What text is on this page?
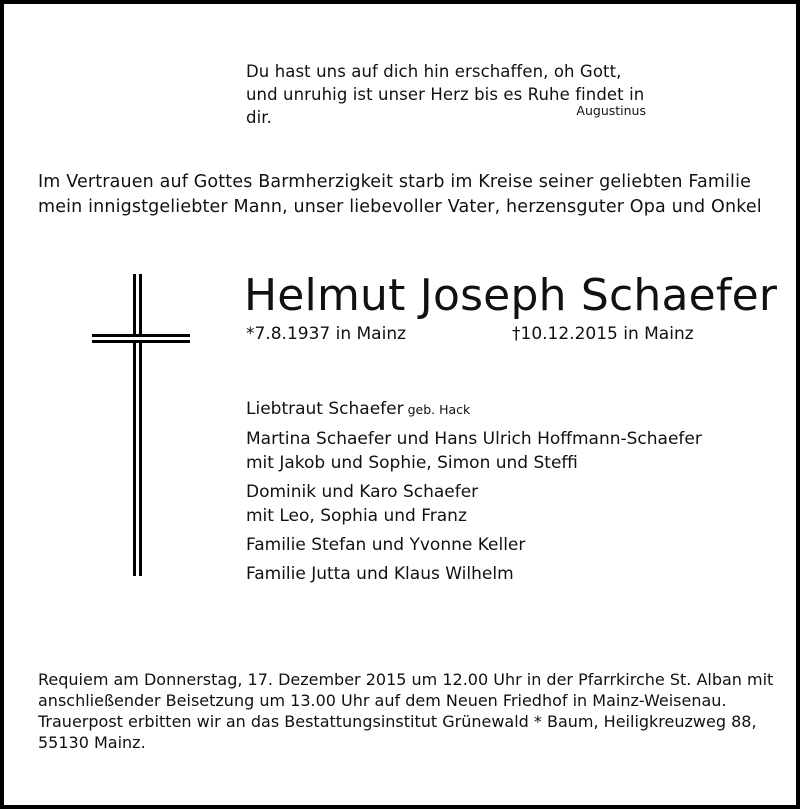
Du hast uns auf dich hin erschaffen, oh Gott,
und unruhig ist unser Herz bis es Ruhe findet in dir.	Augustinus
Im Vertrauen auf Gottes Barmherzigkeit starb im Kreise seiner geliebten Familie
mein innigstgeliebter Mann, unser liebevoller Vater, herzensguter Opa und Onkel
Helmut Joseph Schaefer
*7.8.1937 in Mainz	†10.12.2015 in Mainz
Liebtraut Schaefer geb. Hack
Martina Schaefer und Hans Ulrich Hoffmann-Schaefer
mit Jakob und Sophie, Simon und Steffi
Dominik und Karo Schaefer
mit Leo, Sophia und Franz
Familie Stefan und Yvonne Keller
Familie Jutta und Klaus Wilhelm
Requiem am Donnerstag, 17. Dezember 2015 um 12.00 Uhr in der Pfarrkirche St. Alban mit
anschließender Beisetzung um 13.00 Uhr auf dem Neuen Friedhof in Mainz-Weisenau.
Trauerpost erbitten wir an das Bestattungsinstitut Grünewald * Baum, Heiligkreuzweg 88,
55130 Mainz.
